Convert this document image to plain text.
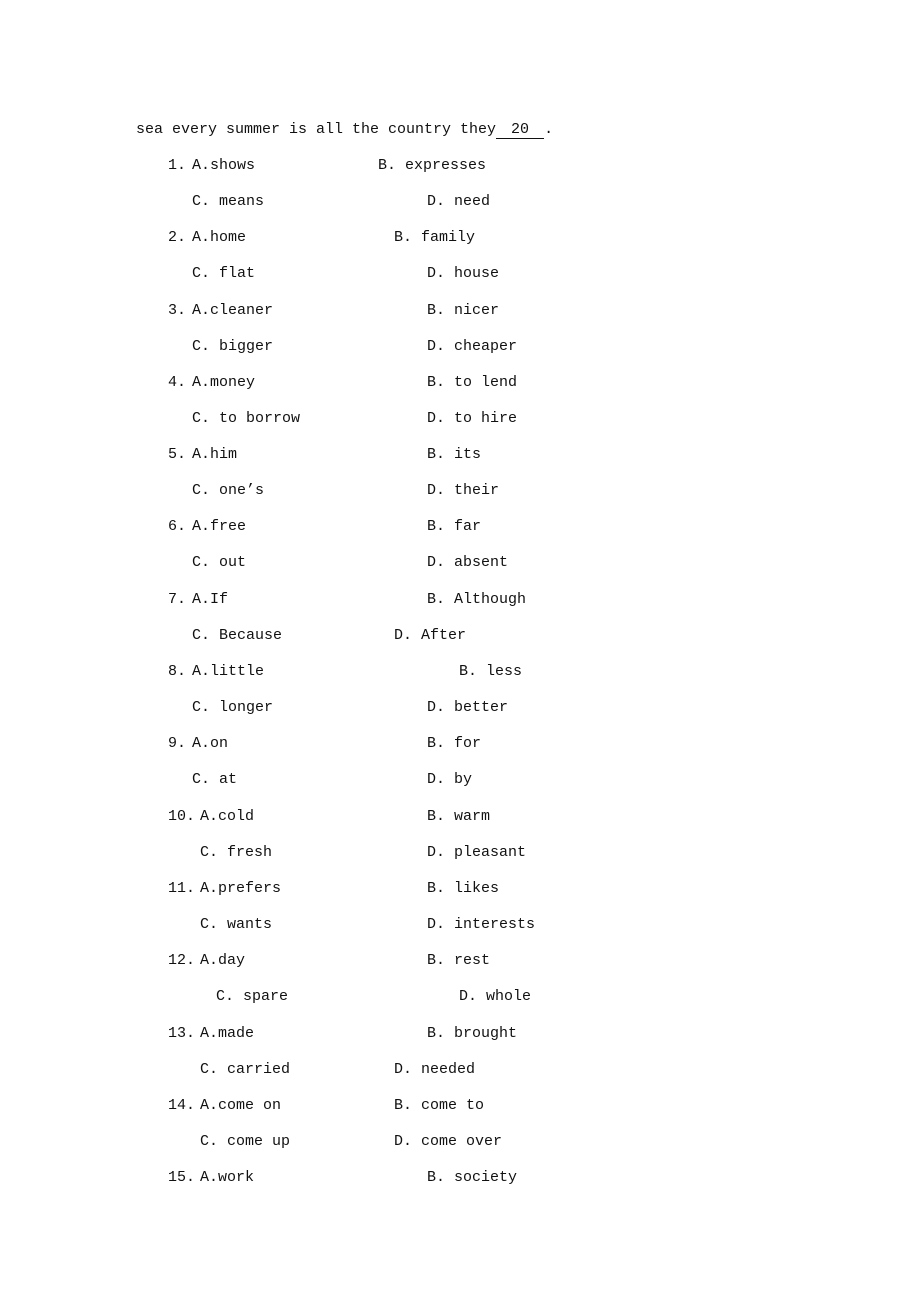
sea every summer is all the country they 20 .
1. A.shows	B. expresses
C. means	D. need
2. A.home	B. family
C. flat	D. house
3. A.cleaner	B. nicer
C. bigger	D. cheaper
4. A.money	B. to lend
C. to borrow	D. to hire
5. A.him	B. its
C. one’s	D. their
6. A.free	B. far
C. out	D. absent
7. A.If	B. Although
C. Because	D. After
8. A.little	B. less
C. longer	D. better
9. A.on	B. for
C. at	D. by
10. A.cold	B. warm
C. fresh	D. pleasant
11. A.prefers	B. likes
C. wants	D. interests
12. A.day	B. rest
C. spare	D. whole
13. A.made	B. brought
C. carried	D. needed
14. A.come on	B. come to
C. come up	D. come over
15. A.work	B. society
